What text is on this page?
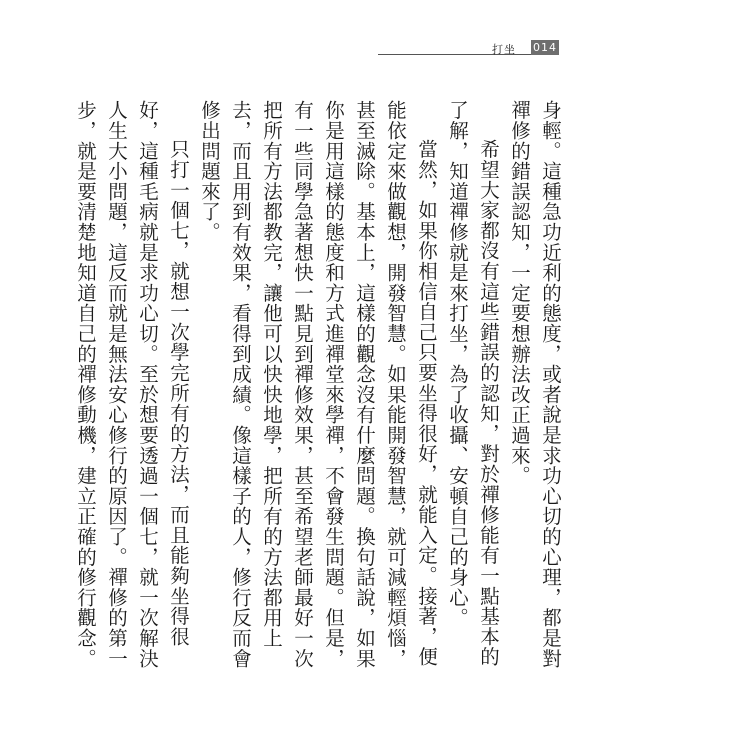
打坐 014

身輕。這種急功近利的態度，或者說是求功心切的心理，都是對禪修的錯誤認知，一定要想辦法改正過來。

希望大家都沒有這些錯誤的認知，對於禪修能有一點基本的了解，知道禪修就是來打坐，為了收攝、安頓自己的身心。

當然，如果你相信自己只要坐得很好，就能入定。接著，便能依定來做觀想，開發智慧。如果能開發智慧，就可減輕煩惱，甚至滅除。基本上，這樣的觀念沒有什麼問題。換句話說，如果你是用這樣的態度和方式進禪堂來學禪，不會發生問題。但是，有一些同學急著想快一點見到禪修效果，甚至希望老師最好一次把所有方法都教完，讓他可以快快地學，把所有的方法都用上去，而且用到有效果，看得到成績。像這樣子的人，修行反而會修出問題來了。

只打一個七，就想一次學完所有的方法，而且能夠坐得很好，這種毛病就是求功心切。至於想要透過一個七，就一次解決人生大小問題，這反而就是無法安心修行的原因了。禪修的第一步，就是要清楚地知道自己的禪修動機，建立正確的修行觀念。
